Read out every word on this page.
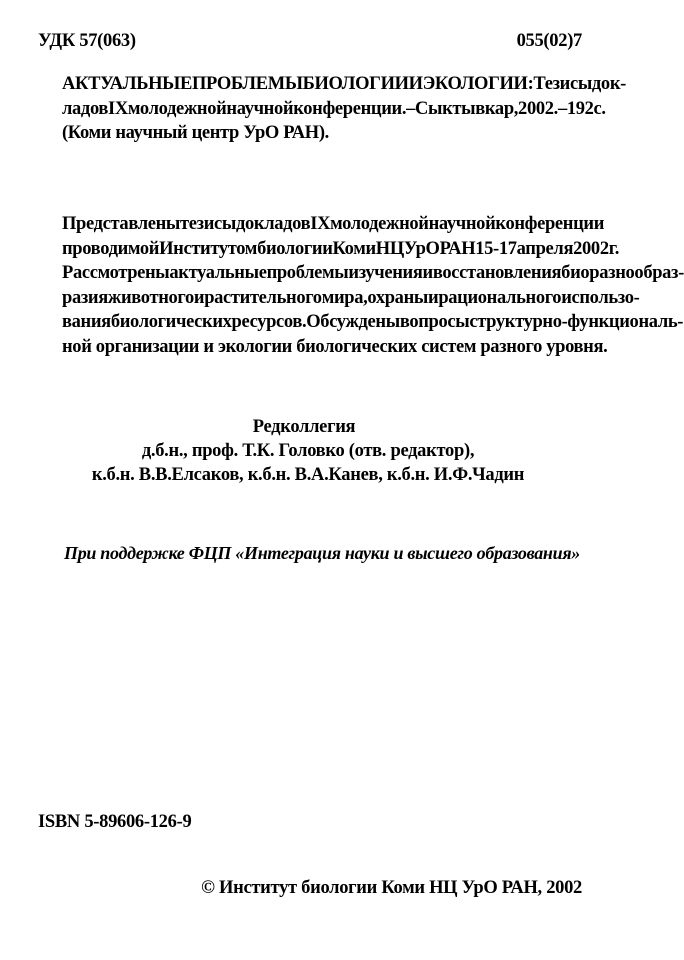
УДК 57(063)	055(02)7
АКТУАЛЬНЫЕ ПРОБЛЕМЫ БИОЛОГИИ И ЭКОЛОГИИ: Тезисы док-
ладов IX молодежной научной конференции. – Сыктывкар, 2002. – 192 с.
(Коми научный центр УрО РАН).
Представлены тезисы докладов IX молодежной научной конференции
проводимой Институтом биологии Коми НЦ УрО РАН 15-17 апреля 2002 г.
Рассмотрены актуальные проблемы изучения и восстановления биоразнообраз-
разия животного и растительного мира, охраны и рационального использо-
вания биологических ресурсов. Обсуждены вопросы структурно-функциональ-
ной организации и экологии биологических систем разного уровня.
Редколлегия
д.б.н., проф. Т.К. Головко (отв. редактор),
к.б.н. В.В.Елсаков, к.б.н. В.А.Канев, к.б.н. И.Ф.Чадин
При поддержке ФЦП «Интеграция науки и высшего образования»
ISBN 5-89606-126-9
© Институт биологии Коми НЦ УрО РАН, 2002
